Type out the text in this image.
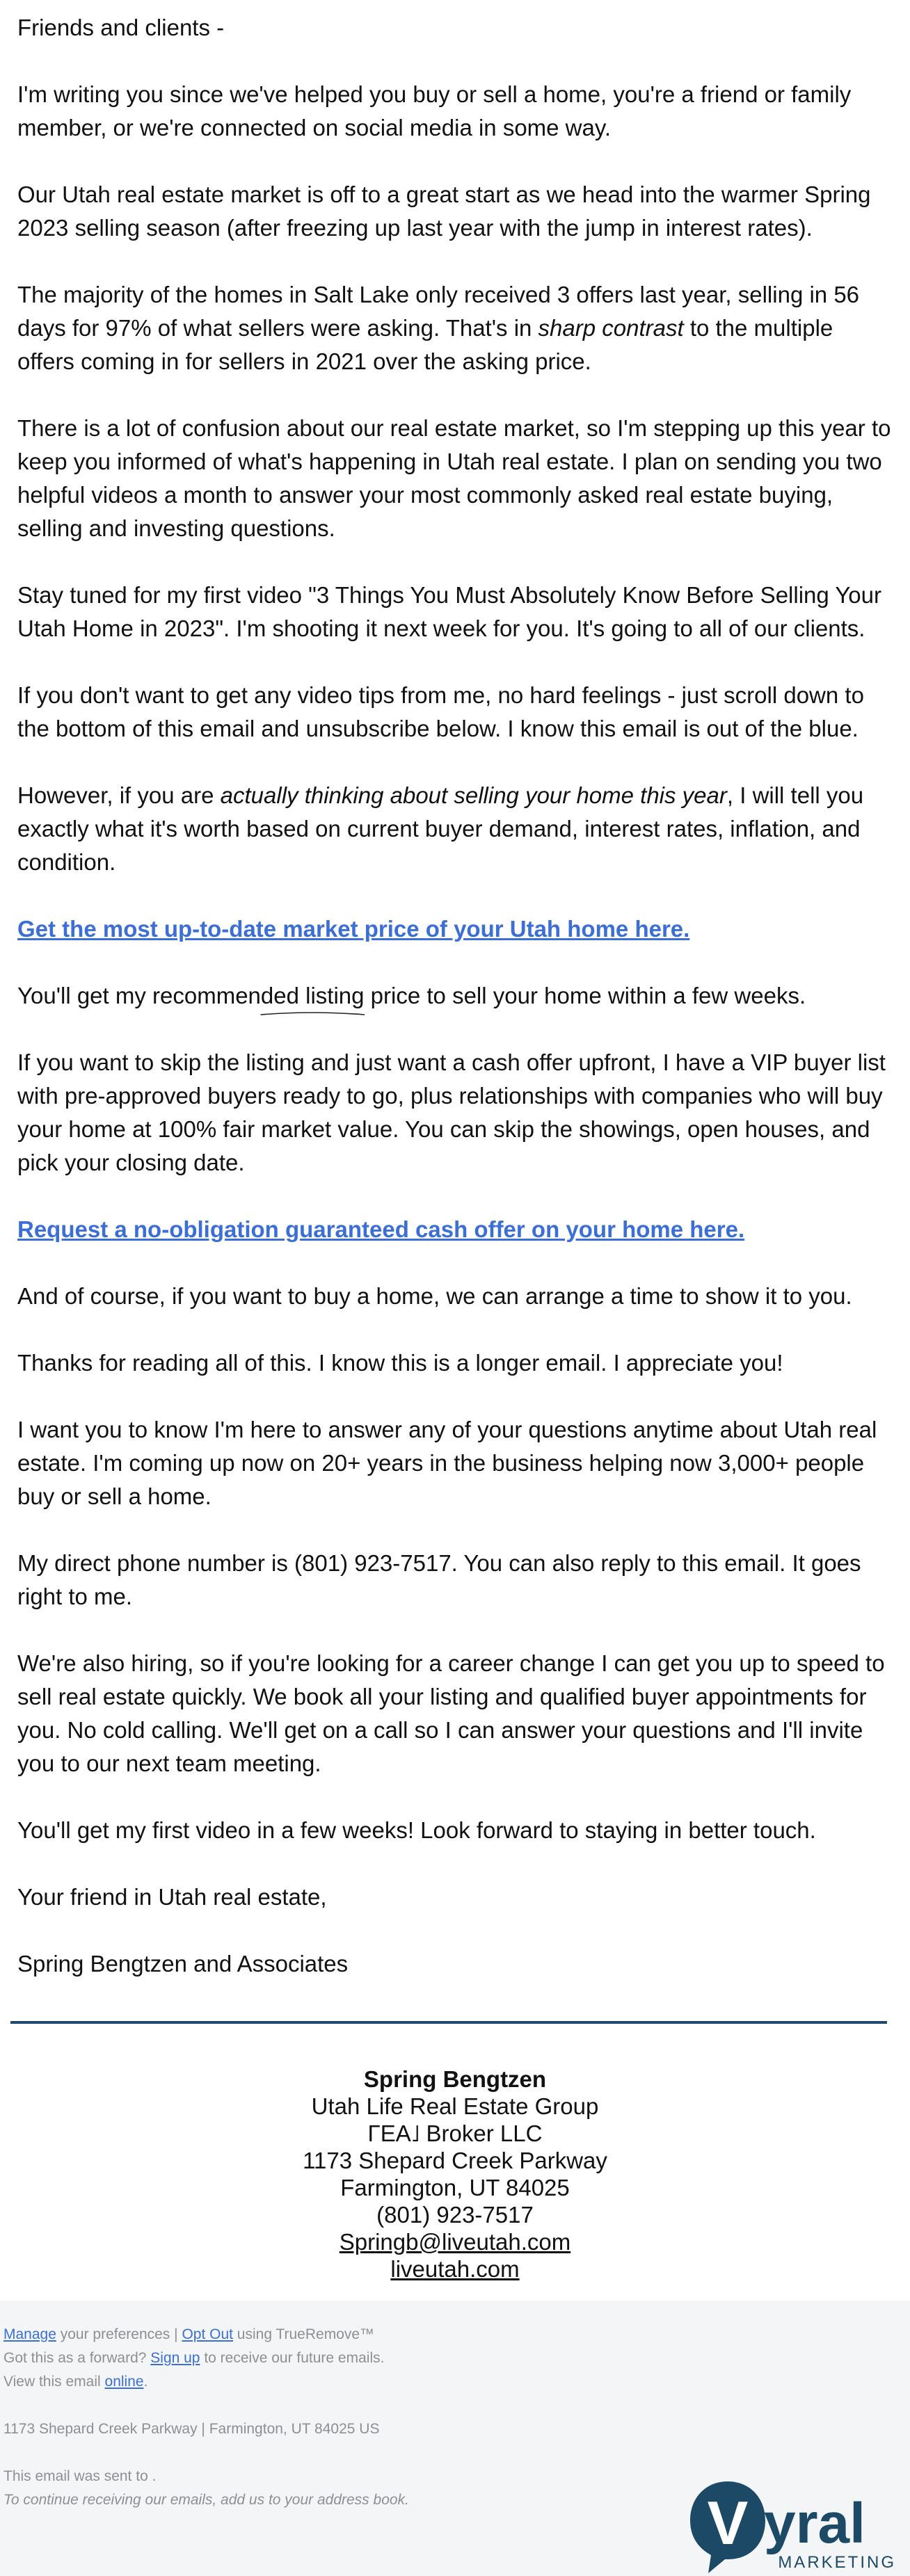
Friends and clients -

I'm writing you since we've helped you buy or sell a home, you're a friend or family member, or we're connected on social media in some way.

Our Utah real estate market is off to a great start as we head into the warmer Spring 2023 selling season (after freezing up last year with the jump in interest rates).

The majority of the homes in Salt Lake only received 3 offers last year, selling in 56 days for 97% of what sellers were asking. That's in sharp contrast to the multiple offers coming in for sellers in 2021 over the asking price.

There is a lot of confusion about our real estate market, so I'm stepping up this year to keep you informed of what's happening in Utah real estate. I plan on sending you two helpful videos a month to answer your most commonly asked real estate buying, selling and investing questions.

Stay tuned for my first video "3 Things You Must Absolutely Know Before Selling Your Utah Home in 2023". I'm shooting it next week for you. It's going to all of our clients.

If you don't want to get any video tips from me, no hard feelings - just scroll down to the bottom of this email and unsubscribe below. I know this email is out of the blue.

However, if you are actually thinking about selling your home this year, I will tell you exactly what it's worth based on current buyer demand, interest rates, inflation, and condition.

Get the most up-to-date market price of your Utah home here.

You'll get my recommended listing
price to sell your home within a few weeks.

If you want to skip the listing and just want a cash offer upfront, I have a VIP buyer list with pre-approved buyers ready to go, plus relationships with companies who will buy your home at 100% fair market value. You can skip the showings, open houses, and pick your closing date.

Request a no-obligation guaranteed cash offer on your home here.

And of course, if you want to buy a home, we can arrange a time to show it to you.

Thanks for reading all of this. I know this is a longer email. I appreciate you!

I want you to know I'm here to answer any of your questions anytime about Utah real estate. I'm coming up now on 20+ years in the business helping now 3,000+ people buy or sell a home.

My direct phone number is (801) 923-7517. You can also reply to this email. It goes right to me.

We're also hiring, so if you're looking for a career change I can get you up to speed to sell real estate quickly. We book all your listing and qualified buyer appointments for you. No cold calling. We'll get on a call so I can answer your questions and I'll invite you to our next team meeting.

You'll get my first video in a few weeks! Look forward to staying in better touch.

Your friend in Utah real estate,

Spring Bengtzen and Associates

Spring Bengtzen
Utah Life Real Estate Group
ΓEA˩ Broker LLC
1173 Shepard Creek Parkway
Farmington, UT 84025
(801) 923-7517
Springb@liveutah.com
liveutah.com
Manage your preferences | Opt Out using TrueRemove™
Got this as a forward? Sign up to receive our future emails.
View this email online.
1173 Shepard Creek Parkway | Farmington, UT 84025 US
This email was sent to .
To continue receiving our emails, add us to your address book.	V yral
MARKETING
